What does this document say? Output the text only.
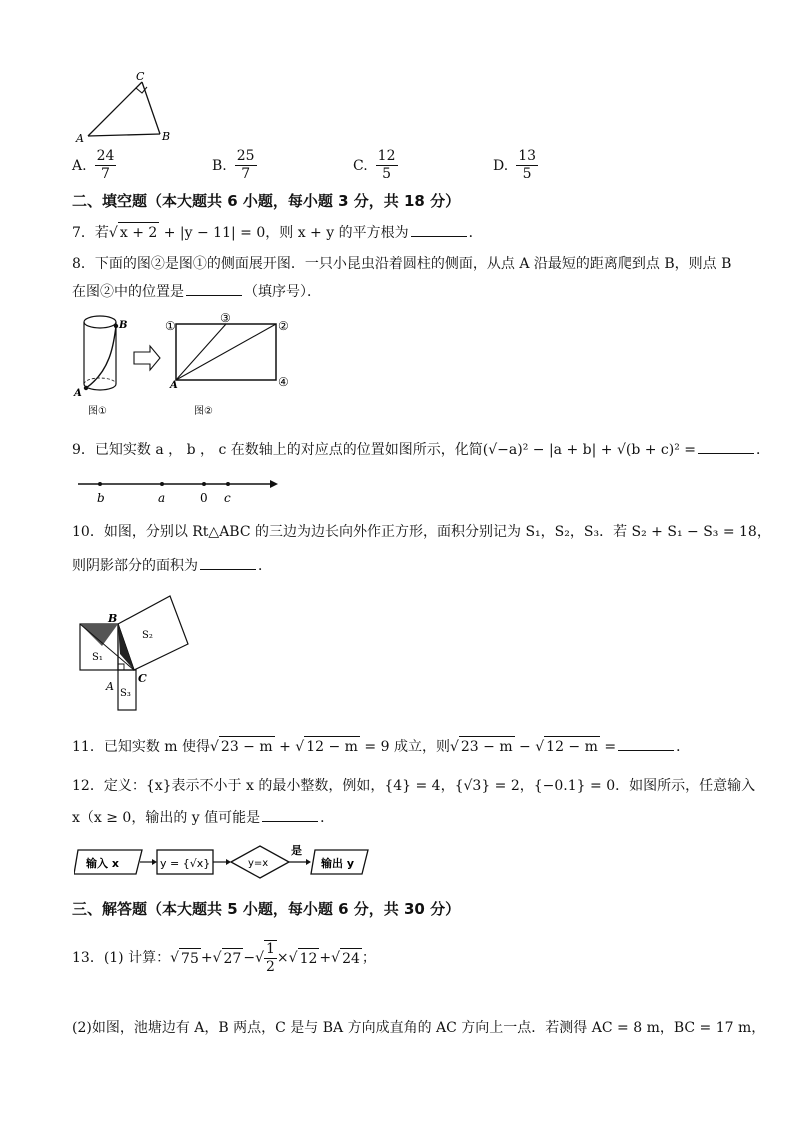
C
A	B
A. $\frac{24}{7}$	B. $\frac{25}{7}$	C. $\frac{12}{5}$	D. $\frac{13}{5}$
二、填空题（本大题共 6 小题，每小题 3 分，共 18 分）
7．若 √ x + 2 + |y − 11| = 0，则 x + y 的平方根为	．
8．下面的图②是图①的侧面展开图．一只小昆虫沿着圆柱的侧面，从点 A 沿最短的距离爬到点 B，则点 B
在图②中的位置是	（填序号）．
B
A
图①
①
③
②
④
A
图②
9．已知实数 a ， b ， c 在数轴上的对应点的位置如图所示，化简(√−a)² − |a + b| + √(b + c)² =	．
b	a	0 c
10．如图，分别以 Rt△ABC 的三边为边长向外作正方形，面积分别记为 S₁，S₂，S₃．若 S₂ + S₁ − S₃ = 18，
则阴影部分的面积为	．
B
A
C
S₁
S₂
S₃
11．已知实数 m 使得 √ 23 − m + √ 12 − m = 9 成立，则 √ 23 − m − √ 12 − m =	．
12．定义：{x}表示不小于 x 的最小整数，例如，{4} = 4，{√3} = 2，{−0.1} = 0．如图所示，任意输入
x（x ≥ 0，输出的 y 值可能是	．
输入 x	y = {√x}	y=x
是
输出 y
三、解答题（本大题共 5 小题，每小题 6 分，共 30 分）
13．(1) 计算： √ 75 + √ 27 − √ $\frac{1}{2}$ × √ 12 + √ 24 ；
(2)如图，池塘边有 A，B 两点，C 是与 BA 方向成直角的 AC 方向上一点．若测得 AC = 8 m，BC = 17 m，
